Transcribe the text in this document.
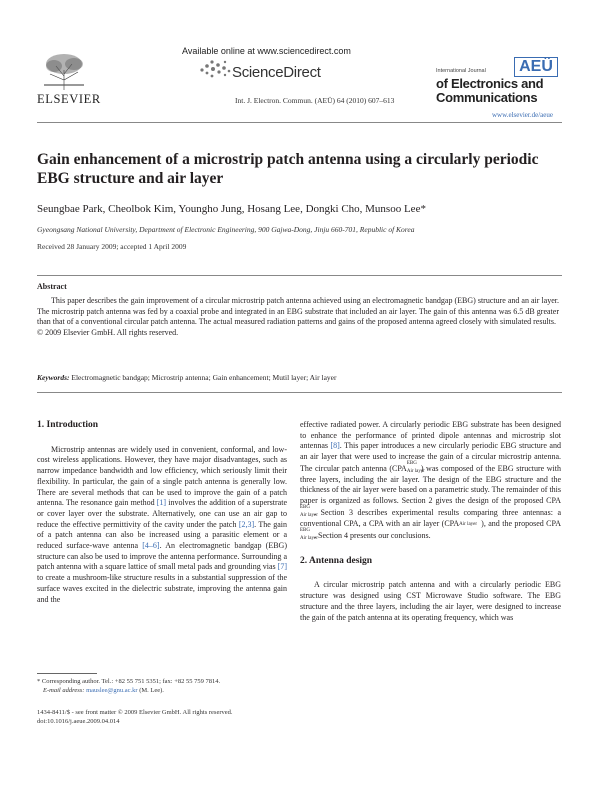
Available online at www.sciencedirect.com
ScienceDirect
Int. J. Electron. Commun. (AEÜ) 64 (2010) 607–613
ELSEVIER
International Journal	AEÜ
of Electronics and
Communications
www.elsevier.de/aeue
Gain enhancement of a microstrip patch antenna using a circularly periodic EBG structure and air layer
Seungbae Park, Cheolbok Kim, Youngho Jung, Hosang Lee, Dongki Cho, Munsoo Lee*
Gyeongsang National University, Department of Electronic Engineering, 900 Gajwa-Dong, Jinju 660-701, Republic of Korea
Received 28 January 2009; accepted 1 April 2009
Abstract

This paper describes the gain improvement of a circular microstrip patch antenna achieved using an electromagnetic bandgap (EBG) structure and an air layer. The microstrip patch antenna was fed by a coaxial probe and integrated in an EBG substrate that included an air layer. The gain of this antenna was 6.5 dB greater than that of a conventional circular patch antenna. The actual measured radiation patterns and gains of the proposed antenna agreed closely with simulated results.

© 2009 Elsevier GmbH. All rights reserved.
Keywords: Electromagnetic bandgap; Microstrip antenna; Gain enhancement; Mutil layer; Air layer
1. Introduction

Microstrip antennas are widely used in convenient, conformal, and low-cost wireless applications. However, they have major disadvantages, such as narrow impedance bandwidth and low efficiency, which seriously limit their flexibility. In particular, the gain of a single patch antenna is generally low. There are several methods that can be used to improve the gain of a patch antenna. The resonance gain method [1] involves the addition of a superstrate or cover layer over the substrate. Alternatively, one can use an air gap to reduce the effective permittivity of the cavity under the patch [2,3]. The gain of a patch antenna can also be increased using a parasitic element or a reduced surface-wave antenna [4–6]. An electromagnetic bandgap (EBG) structure can also be used to improve the antenna performance. Surrounding a patch antenna with a square lattice of small metal pads and grounding vias [7] to create a mushroom-like structure results in a substantial suppression of the surface waves excited in the dielectric substrate, improving the antenna gain and the

* Corresponding author. Tel.: +82 55 751 5351; fax: +82 55 759 7814.
E-mail address: mauslee@gnu.ac.kr (M. Lee).
1434-8411/$ - see front matter © 2009 Elsevier GmbH. All rights reserved.
doi:10.1016/j.aeue.2009.04.014

effective radiated power. A circularly periodic EBG substrate has been designed to enhance the performance of printed dipole antennas and microstrip slot antennas [8]. This paper introduces a new circularly periodic EBG structure and an air layer that were used to increase the gain of a circular microstrip antenna. The circular patch antenna (CPA
EBG
Air layer
) was composed of the EBG structure with three layers, including the air layer. The design of the EBG structure and the thickness of the air layer were based on a parametric study. The remainder of this paper is organized as follows. Section 2 gives the design of the proposed CPA
EBG
Air layer
. Section 3 describes experimental results comparing three antennas: a conventional CPA, a CPA with an air layer (CPA Air layer ), and the proposed CPA
EBG
Air layer
. Section 4 presents our conclusions.

2. Antenna design

A circular microstrip patch antenna and with a circularly periodic EBG structure was designed using CST Microwave Studio software. The EBG structure and the three layers, including the air layer, were designed to increase the gain of the patch antenna at its operating frequency, which was
